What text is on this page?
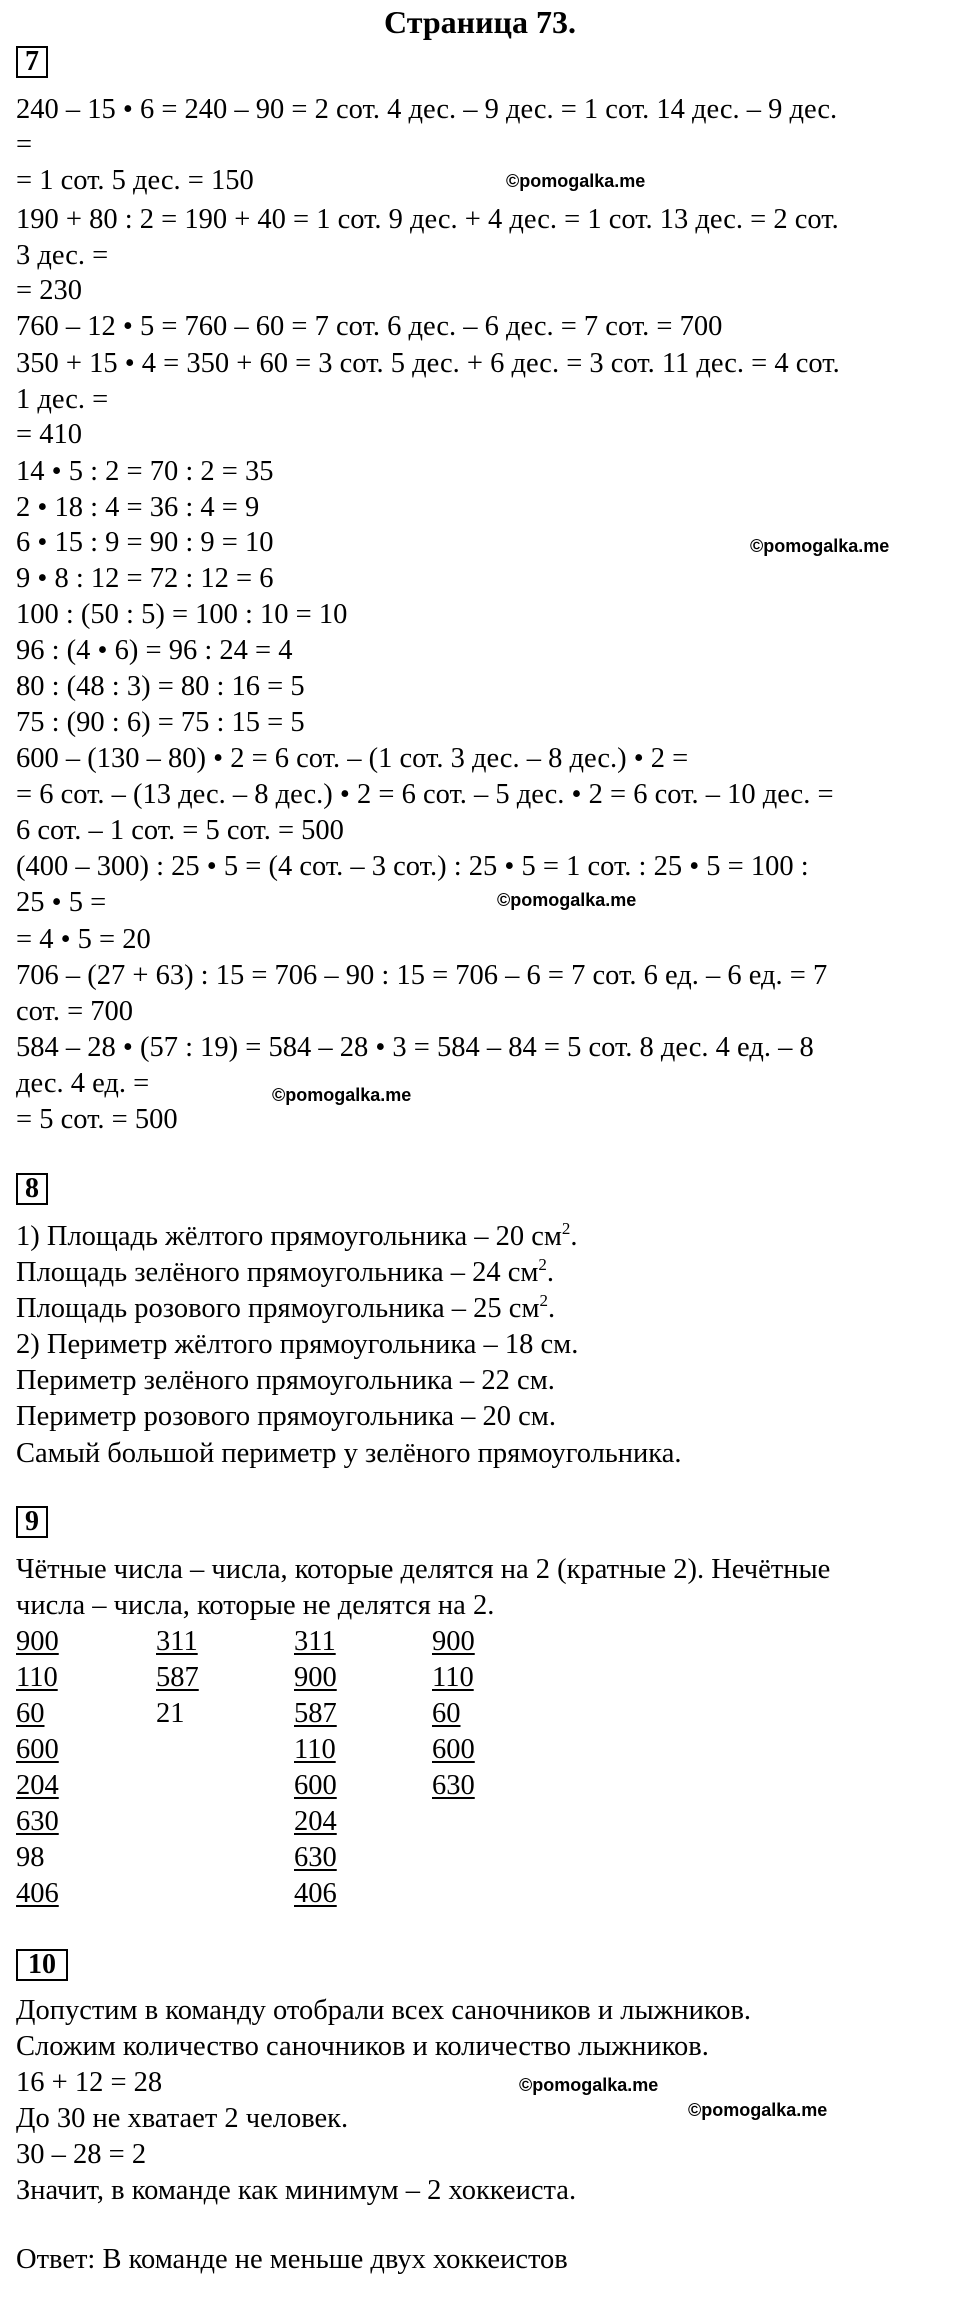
Страница 73.
7
240 – 15 • 6 = 240 – 90 = 2 сот. 4 дес. – 9 дес. = 1 сот. 14 дес. – 9 дес.
=
= 1 сот. 5 дес. = 150
190 + 80 : 2 = 190 + 40 = 1 сот. 9 дес. + 4 дес. = 1 сот. 13 дес. = 2 сот.
3 дес. =
= 230
760 – 12 • 5 = 760 – 60 = 7 сот. 6 дес. – 6 дес. = 7 сот. = 700
350 + 15 • 4 = 350 + 60 = 3 сот. 5 дес. + 6 дес. = 3 сот. 11 дес. = 4 сот.
1 дес. =
= 410
14 • 5 : 2 = 70 : 2 = 35
2 • 18 : 4 = 36 : 4 = 9
6 • 15 : 9 = 90 : 9 = 10
9 • 8 : 12 = 72 : 12 = 6
100 : (50 : 5) = 100 : 10 = 10
96 : (4 • 6) = 96 : 24 = 4
80 : (48 : 3) = 80 : 16 = 5
75 : (90 : 6) = 75 : 15 = 5
600 – (130 – 80) • 2 = 6 сот. – (1 сот. 3 дес. – 8 дес.) • 2 =
= 6 сот. – (13 дес. – 8 дес.) • 2 = 6 сот. – 5 дес. • 2 = 6 сот. – 10 дес. =
6 сот. – 1 сот. = 5 сот. = 500
(400 – 300) : 25 • 5 = (4 сот. – 3 сот.) : 25 • 5 = 1 сот. : 25 • 5 = 100 :
25 • 5 =
= 4 • 5 = 20
706 – (27 + 63) : 15 = 706 – 90 : 15 = 706 – 6 = 7 сот. 6 ед. – 6 ед. = 7
сот. = 700
584 – 28 • (57 : 19) = 584 – 28 • 3 = 584 – 84 = 5 сот. 8 дес. 4 ед. – 8
дес. 4 ед. =
= 5 сот. = 500
8
1) Площадь жёлтого прямоугольника – 20 $см^2$.
Площадь зелёного прямоугольника – 24 $см^2$.
Площадь розового прямоугольника – 25 $см^2$.
2) Периметр жёлтого прямоугольника – 18 см.
Периметр зелёного прямоугольника – 22 см.
Периметр розового прямоугольника – 20 см.
Самый большой периметр у зелёного прямоугольника.
9
Чётные числа – числа, которые делятся на 2 (кратные 2). Нечётные
числа – числа, которые не делятся на 2.
900
110
60
600
204
630
98
406
311
587
21
311
900
587
110
600
204
630
406
900
110
60
600
630
10
Допустим в команду отобрали всех саночников и лыжников.
Сложим количество саночников и количество лыжников.
16 + 12 = 28
До 30 не хватает 2 человек.
30 – 28 = 2
Значит, в команде как минимум – 2 хоккеиста.
Ответ: В команде не меньше двух хоккеистов
©pomogalka.me
©pomogalka.me
©pomogalka.me
©pomogalka.me
©pomogalka.me
©pomogalka.me
